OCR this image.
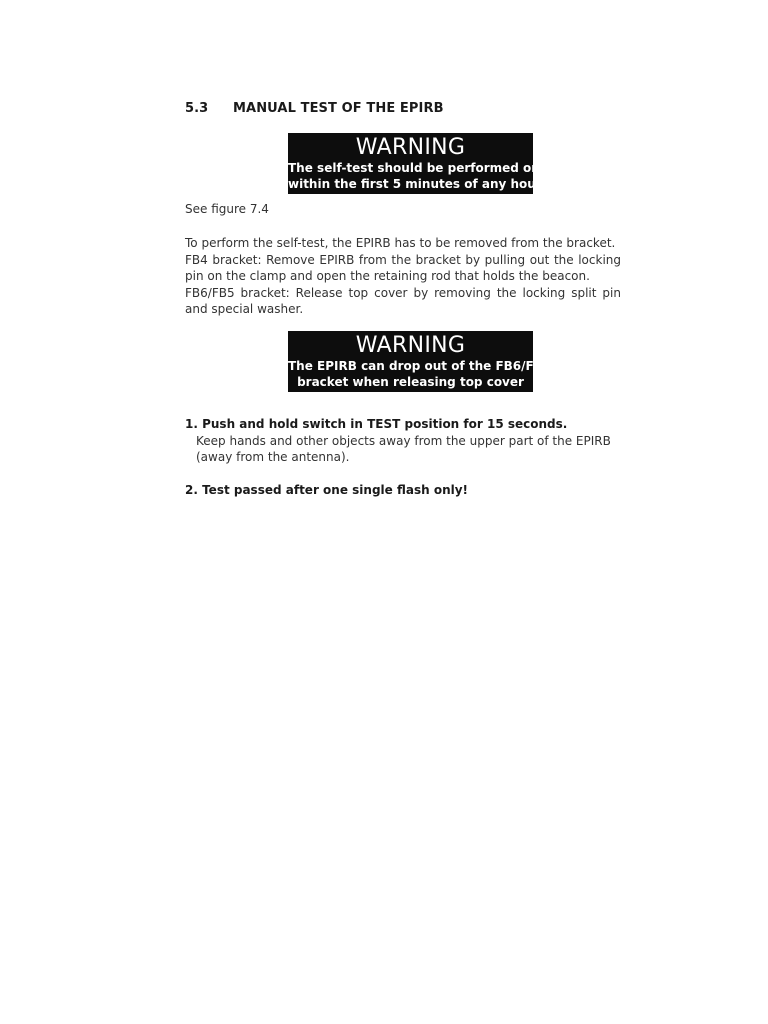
5.3 MANUAL TEST OF THE EPIRB
WARNING
The self-test should be performed only
within the first 5 minutes of any hour.
See figure 7.4

To perform the self-test, the EPIRB has to be removed from the bracket.

FB4 bracket: Remove EPIRB from the bracket by pulling out the locking pin on the clamp and open the retaining rod that holds the beacon.

FB6/FB5 bracket: Release top cover by removing the locking split pin and special washer.

WARNING
The EPIRB can drop out of the FB6/FB5
bracket when releasing top cover
1. Push and hold switch in TEST position for 15 seconds.
Keep hands and other objects away from the upper part of the EPIRB (away from the antenna).
2. Test passed after one single flash only!
